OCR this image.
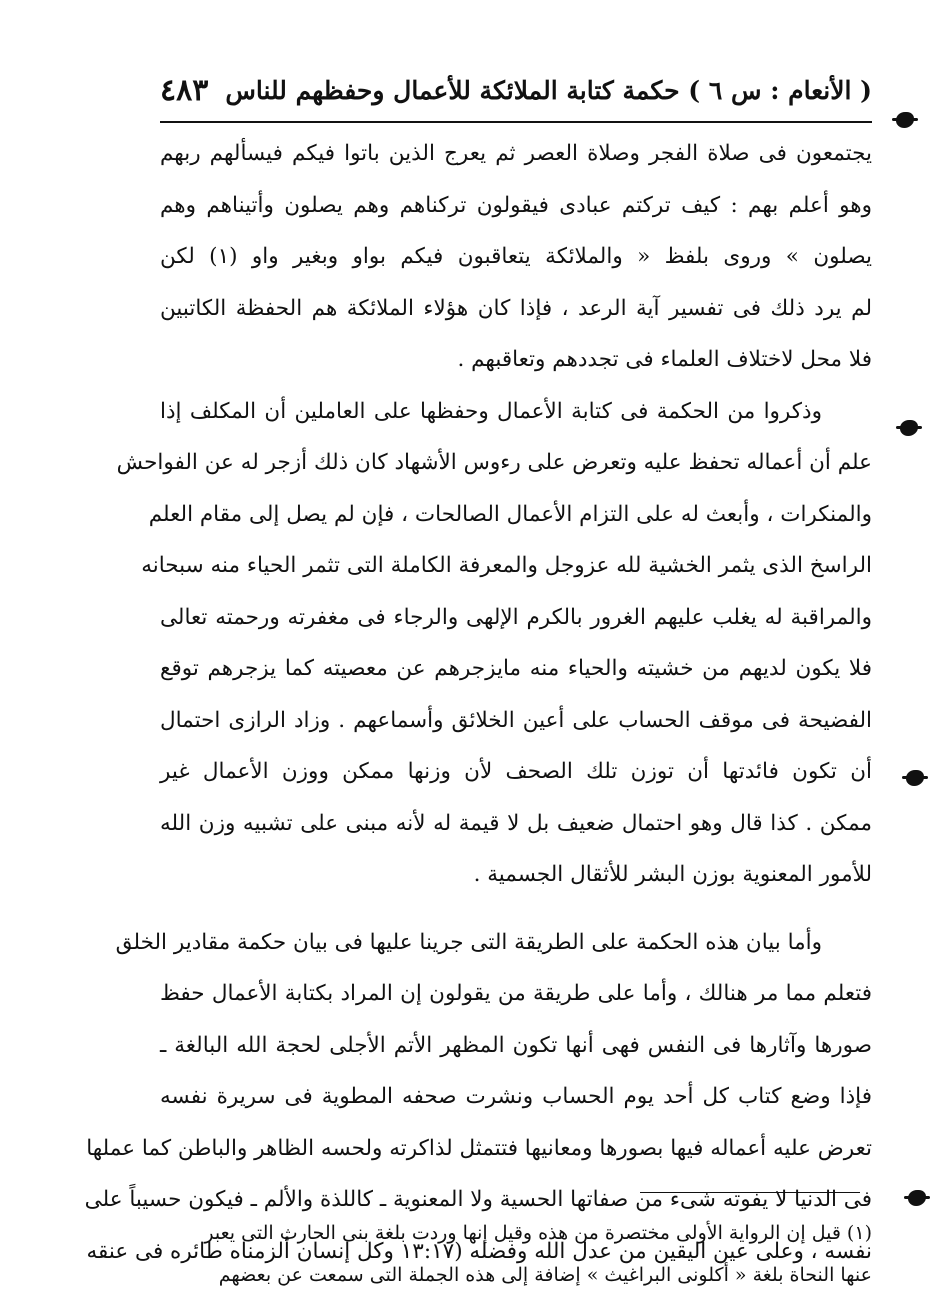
( الأنعام : س ٦ ) حكمة كتابة الملائكة للأعمال وحفظهم للناس
٤٨٣
يجتمعون فى صلاة الفجر وصلاة العصر ثم يعرج الذين باتوا فيكم فيسألهم ربهم
وهو أعلم بهم : كيف تركتم عبادى فيقولون تركناهم وهم يصلون وأتيناهم وهم
يصلون » وروى بلفظ « والملائكة يتعاقبون فيكم بواو وبغير واو (١) لكن
لم يرد ذلك فى تفسير آية الرعد ، فإذا كان هؤلاء الملائكة هم الحفظة الكاتبين
فلا محل لاختلاف العلماء فى تجددهم وتعاقبهم .
وذكروا من الحكمة فى كتابة الأعمال وحفظها على العاملين أن المكلف إذا
علم أن أعماله تحفظ عليه وتعرض على رءوس الأشهاد كان ذلك أزجر له عن الفواحش
والمنكرات ، وأبعث له على التزام الأعمال الصالحات ، فإن لم يصل إلى مقام العلم
الراسخ الذى يثمر الخشية لله عزوجل والمعرفة الكاملة التى تثمر الحياء منه سبحانه
والمراقبة له يغلب عليهم الغرور بالكرم الإلهى والرجاء فى مغفرته ورحمته تعالى
فلا يكون لديهم من خشيته والحياء منه مايزجرهم عن معصيته كما يزجرهم توقع
الفضيحة فى موقف الحساب على أعين الخلائق وأسماعهم . وزاد الرازى احتمال
أن تكون فائدتها أن توزن تلك الصحف لأن وزنها ممكن ووزن الأعمال غير
ممكن . كذا قال وهو احتمال ضعيف بل لا قيمة له لأنه مبنى على تشبيه وزن الله
للأمور المعنوية بوزن البشر للأثقال الجسمية .
وأما بيان هذه الحكمة على الطريقة التى جرينا عليها فى بيان حكمة مقادير الخلق
فتعلم مما مر هنالك ، وأما على طريقة من يقولون إن المراد بكتابة الأعمال حفظ
صورها وآثارها فى النفس فهى أنها تكون المظهر الأتم الأجلى لحجة الله البالغة ـ
فإذا وضع كتاب كل أحد يوم الحساب ونشرت صحفه المطوية فى سريرة نفسه
تعرض عليه أعماله فيها بصورها ومعانيها فتتمثل لذاكرته ولحسه الظاهر والباطن كما عملها
فى الدنيا لا يفوته شىء من صفاتها الحسية ولا المعنوية ـ كاللذة والألم ـ فيكون حسيباً على
نفسه ، وعلى عين اليقين من عدل الله وفضله (١٣:١٧ وكل إنسان ألزمناه طائره فى عنقه
(١) قيل إن الرواية الأولى مختصرة من هذه وقيل إنها وردت بلغة بنى الحارث التى يعبر
عنها النحاة بلغة « أكلونى البراغيث » إضافة إلى هذه الجملة التى سمعت عن بعضهم
